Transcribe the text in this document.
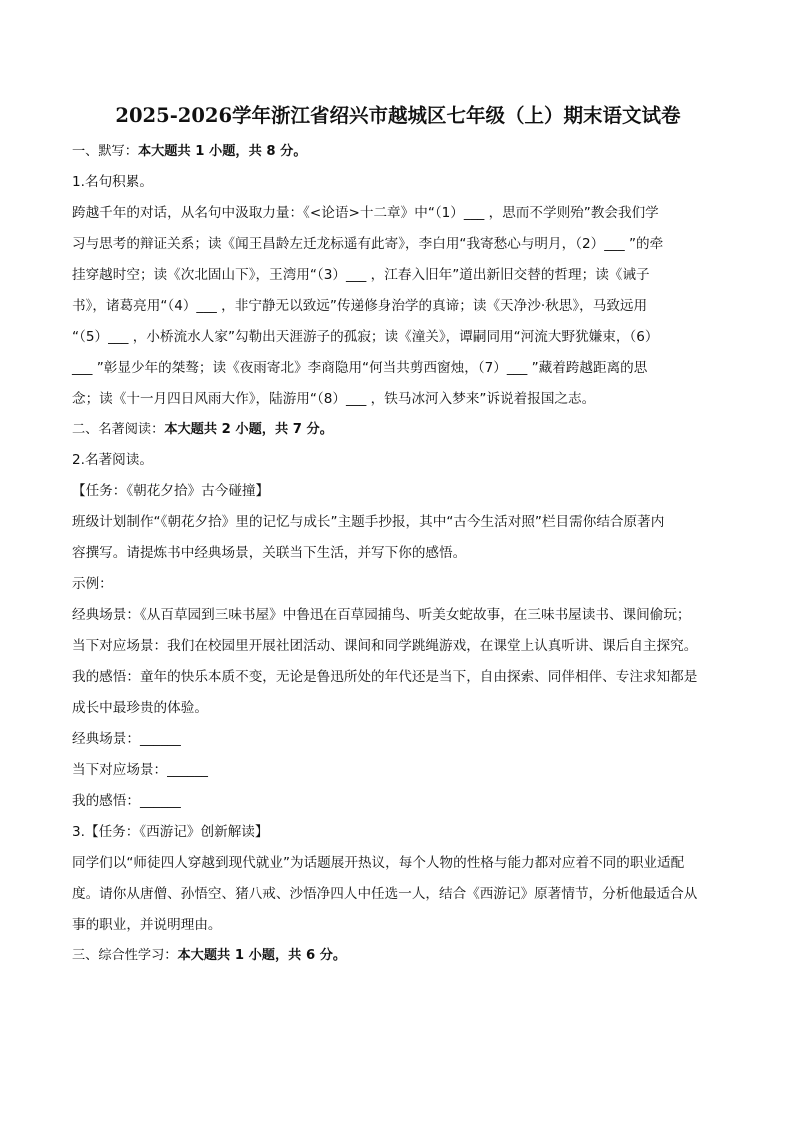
2025-2026学年浙江省绍兴市越城区七年级（上）期末语文试卷
一、默写：本大题共 1 小题，共 8 分。
1.名句积累。
跨越千年的对话，从名句中汲取力量：《<论语>十二章》中“（1）___ ，思而不学则殆”教会我们学
习与思考的辩证关系；读《闻王昌龄左迁龙标遥有此寄》，李白用“我寄愁心与明月，（2）___ ”的牵
挂穿越时空；读《次北固山下》，王湾用“（3）___ ，江春入旧年”道出新旧交替的哲理；读《诫子
书》，诸葛亮用“（4）___ ，非宁静无以致远”传递修身治学的真谛；读《天净沙·秋思》，马致远用
“（5）___ ，小桥流水人家”勾勒出天涯游子的孤寂；读《潼关》，谭嗣同用“河流大野犹嫌束，（6）
___ ”彰显少年的桀骜；读《夜雨寄北》李商隐用“何当共剪西窗烛，（7）___ ”藏着跨越距离的思
念；读《十一月四日风雨大作》，陆游用“（8）___ ，铁马冰河入梦来”诉说着报国之志。
二、名著阅读：本大题共 2 小题，共 7 分。
2.名著阅读。
【任务：《朝花夕拾》古今碰撞】
班级计划制作“《朝花夕拾》里的记忆与成长”主题手抄报，其中“古今生活对照”栏目需你结合原著内
容撰写。请提炼书中经典场景，关联当下生活，并写下你的感悟。
示例：
经典场景：《从百草园到三味书屋》中鲁迅在百草园捕鸟、听美女蛇故事，在三味书屋读书、课间偷玩；
当下对应场景：我们在校园里开展社团活动、课间和同学跳绳游戏，在课堂上认真听讲、课后自主探究。
我的感悟：童年的快乐本质不变，无论是鲁迅所处的年代还是当下，自由探索、同伴相伴、专注求知都是
成长中最珍贵的体验。
经典场景：______
当下对应场景：______
我的感悟：______
3.【任务：《西游记》创新解读】
同学们以“师徒四人穿越到现代就业”为话题展开热议，每个人物的性格与能力都对应着不同的职业适配
度。请你从唐僧、孙悟空、猪八戒、沙悟净四人中任选一人，结合《西游记》原著情节，分析他最适合从
事的职业，并说明理由。
三、综合性学习：本大题共 1 小题，共 6 分。
